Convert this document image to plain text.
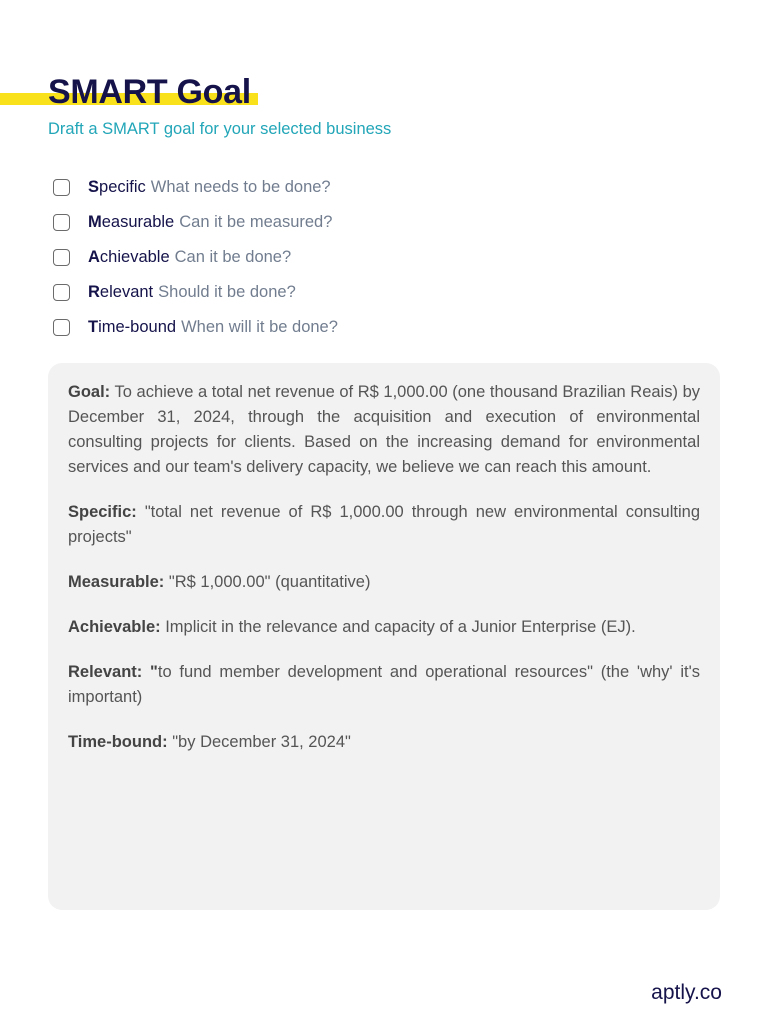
SMART Goal

Draft a SMART goal for your selected business

S pecific What needs to be done?
M easurable Can it be measured?
A chievable Can it be done?
R elevant Should it be done?
T ime-bound When will it be done?

Goal: To achieve a total net revenue of R$ 1,000.00 (one thousand Brazilian Reais) by December 31, 2024, through the acquisition and execution of environmental consulting projects for clients. Based on the increasing demand for environmental services and our team's delivery capacity, we believe we can reach this amount.

Specific: "total net revenue of R$ 1,000.00 through new environmental consulting projects"

Measurable: "R$ 1,000.00" (quantitative)

Achievable: Implicit in the relevance and capacity of a Junior Enterprise (EJ).

Relevant: "to fund member development and operational resources" (the 'why' it's important)

Time-bound: "by December 31, 2024"

aptly.co
